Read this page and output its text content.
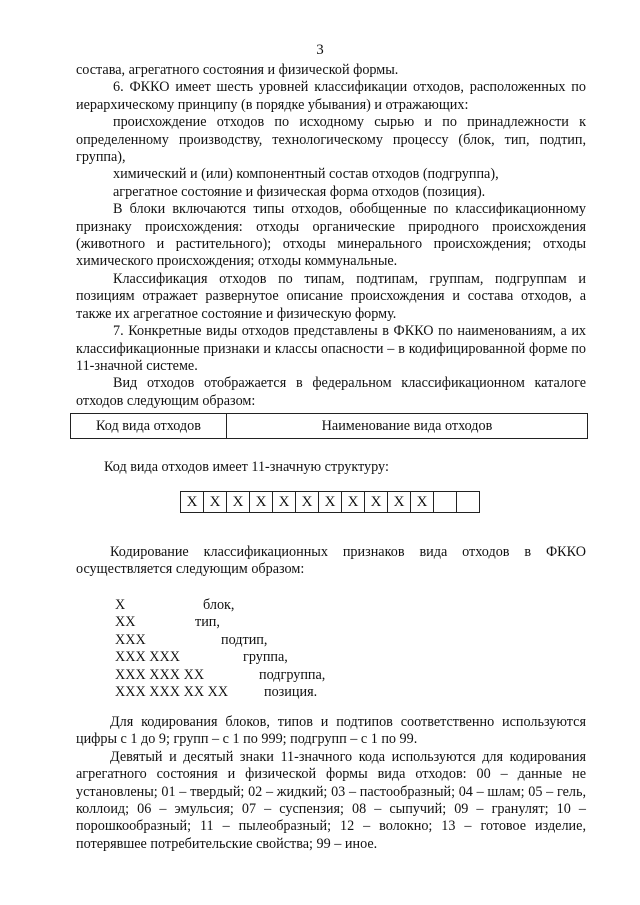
3

состава, агрегатного состояния и физической формы.

6. ФККО имеет шесть уровней классификации отходов, расположенных по иерархическому принципу (в порядке убывания) и отражающих:

происхождение отходов по исходному сырью и по принадлежности к определенному производству, технологическому процессу (блок, тип, подтип, группа),

химический и (или) компонентный состав отходов (подгруппа),

агрегатное состояние и физическая форма отходов (позиция).

В блоки включаются типы отходов, обобщенные по классификационному признаку происхождения: отходы органические природного происхождения (животного и растительного); отходы минерального происхождения; отходы химического происхождения; отходы коммунальные.

Классификация отходов по типам, подтипам, группам, подгруппам и позициям отражает развернутое описание происхождения и состава отходов, а также их агрегатное состояние и физическую форму.

7. Конкретные виды отходов представлены в ФККО по наименованиям, а их классификационные признаки и классы опасности – в кодифицированной форме по 11-значной системе.

Вид отходов отображается в федеральном классификационном каталоге отходов следующим образом:

Код вида отходов	Наименование вида отходов
Код вида отходов имеет 11-значную структуру:
X X X X X X X X X X X
Кодирование классификационных признаков вида отходов в ФККО осуществляется следующим образом:
X	блок,
XX	тип,
XXX	подтип,
XXX XXX	группа,
XXX XXX XX	подгруппа,
XXX XXX XX XX	позиция.

Для кодирования блоков, типов и подтипов соответственно используются цифры с 1 до 9; групп – с 1 по 999; подгрупп – с 1 по 99.

Девятый и десятый знаки 11-значного кода используются для кодирования агрегатного состояния и физической формы вида отходов: 00 – данные не установлены; 01 – твердый; 02 – жидкий; 03 – пастообразный; 04 – шлам; 05 – гель, коллоид; 06 – эмульсия; 07 – суспензия; 08 – сыпучий; 09 – гранулят; 10 – порошкообразный; 11 – пылеобразный; 12 – волокно; 13 – готовое изделие, потерявшее потребительские свойства; 99 – иное.
